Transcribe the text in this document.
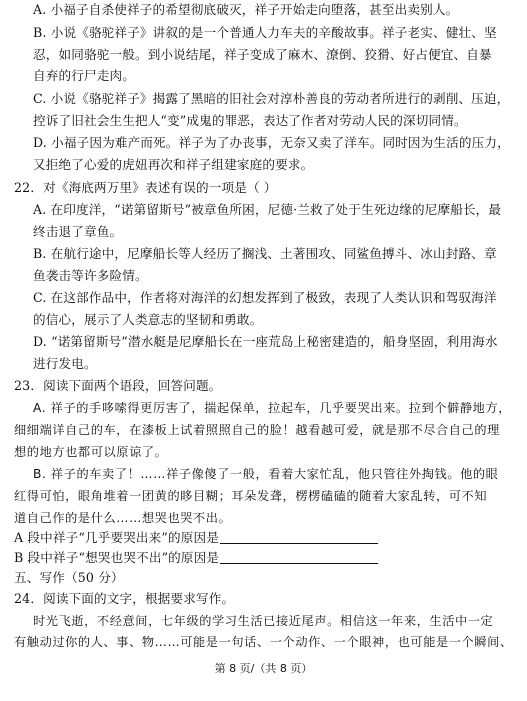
A. 小福子自杀使祥子的希望彻底破灭，祥子开始走向堕落，甚至出卖别人。
B. 小说《骆驼祥子》讲叙的是一个普通人力车夫的辛酸故事。祥子老实、健壮、坚
忍，如同骆驼一般。到小说结尾，祥子变成了麻木、潦倒、狡猾、好占便宜、自暴
自弃的行尸走肉。
C. 小说《骆驼祥子》揭露了黑暗的旧社会对淳朴善良的劳动者所进行的剥削、压迫，
控诉了旧社会生生把人“变”成鬼的罪恶，表达了作者对劳动人民的深切同情。
D. 小福子因为难产而死。祥子为了办丧事，无奈又卖了洋车。同时因为生活的压力，
又拒绝了心爱的虎妞再次和祥子组建家庭的要求。
22．对《海底两万里》表述有误的一项是（ ）
A. 在印度洋，“诺第留斯号”被章鱼所困，尼德·兰救了处于生死边缘的尼摩船长，最
终击退了章鱼。
B. 在航行途中，尼摩船长等人经历了搁浅、土著围攻、同鲨鱼搏斗、冰山封路、章
鱼袭击等许多险情。
C. 在这部作品中，作者将对海洋的幻想发挥到了极致，表现了人类认识和驾驭海洋
的信心，展示了人类意志的坚韧和勇敢。
D. “诺第留斯号”潜水艇是尼摩船长在一座荒岛上秘密建造的，船身坚固，利用海水
进行发电。
23．阅读下面两个语段，回答问题。
A. 祥子的手哆嗦得更厉害了，揣起保单，拉起车，几乎要哭出来。拉到个僻静地方，
细细端详自己的车，在漆板上试着照照自己的脸！越看越可爱，就是那不尽合自己的理
想的地方也都可以原谅了。
B. 祥子的车卖了！……祥子像傻了一般，看着大家忙乱，他只管往外掏钱。他的眼
红得可怕，眼角堆着一团黄的眵目糊；耳朵发聋，楞楞磕磕的随着大家乱转，可不知
道自己作的是什么……想哭也哭不出。
A 段中祥子“几乎要哭出来”的原因是
B 段中祥子“想哭也哭不出”的原因是
五、写作（50 分）
24．阅读下面的文字，根据要求写作。
时光飞逝，不经意间，七年级的学习生活已接近尾声。相信这一年来，生活中一定
有触动过你的人、事、物……可能是一句话、一个动作、一个眼神，也可能是一个瞬间、
第 8 页/（共 8 页）
